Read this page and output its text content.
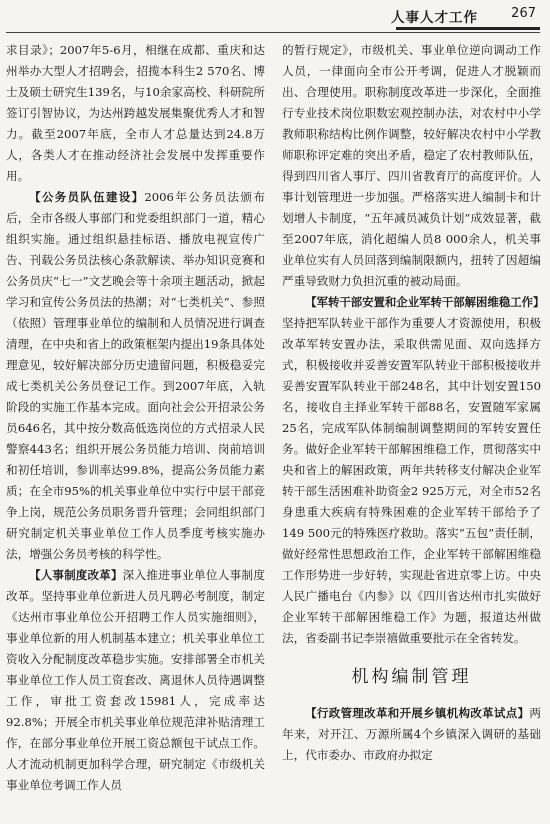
人事人才工作	267

求目录》；2007年5-6月，相继在成都、重庆和达州举办大型人才招聘会，招揽本科生2 570名、博士及硕士研究生139名，与10余家高校、科研院所签订引智协议，为达州跨越发展集聚优秀人才和智力。截至2007年底，全市人才总量达到24.8万人，各类人才在推动经济社会发展中发挥重要作用。

【公务员队伍建设】2006年公务员法颁布后，全市各级人事部门和党委组织部门一道，精心组织实施。通过组织悬挂标语、播放电视宣传广告、刊载公务员法核心条款解读、举办知识竞赛和公务员庆“七一”文艺晚会等十余项主题活动，掀起学习和宣传公务员法的热潮；对“七类机关”、参照（依照）管理事业单位的编制和人员情况进行调查清理，在中央和省上的政策框架内提出19条具体处理意见，较好解决部分历史遗留问题，积极稳妥完成七类机关公务员登记工作。到2007年底，入轨阶段的实施工作基本完成。面向社会公开招录公务员646名，其中按分数高低选岗位的方式招录人民警察443名；组织开展公务员能力培训、岗前培训和初任培训，参训率达99.8%，提高公务员能力素质；在全市95%的机关事业单位中实行中层干部竞争上岗，规范公务员职务晋升管理；会同组织部门研究制定机关事业单位工作人员季度考核实施办法，增强公务员考核的科学性。

【人事制度改革】深入推进事业单位人事制度改革。坚持事业单位新进人员凡聘必考制度，制定《达州市事业单位公开招聘工作人员实施细则》，事业单位新的用人机制基本建立；机关事业单位工资收入分配制度改革稳步实施。安排部署全市机关事业单位工作人员工资套改、离退休人员待遇调整工作，审批工资套改15981人，完成率达92.8%；开展全市机关事业单位规范津补贴清理工作，在部分事业单位开展工资总额包干试点工作。人才流动机制更加科学合理，研究制定《市级机关事业单位考调工作人员

的暂行规定》，市级机关、事业单位逆向调动工作人员，一律面向全市公开考调，促进人才脱颖而出、合理使用。职称制度改革进一步深化，全面推行专业技术岗位职数宏观控制办法，对农村中小学教师职称结构比例作调整，较好解决农村中小学教师职称评定难的突出矛盾，稳定了农村教师队伍，得到四川省人事厅、四川省教育厅的高度评价。人事计划管理进一步加强。严格落实进人编制卡和计划增人卡制度，“五年减员减负计划”成效显著，截至2007年底，消化超编人员8 000余人，机关事业单位实有人员回落到编制限额内，扭转了因超编严重导致财力负担沉重的被动局面。

【军转干部安置和企业军转干部解困维稳工作】坚持把军队转业干部作为重要人才资源使用，积极改革军转安置办法，采取供需见面、双向选择方式，积极接收并妥善安置军队转业干部积极接收并妥善安置军队转业干部248名，其中计划安置150名，接收自主择业军转干部88名，安置随军家属25名，完成军队体制编制调整期间的军转安置任务。做好企业军转干部解困维稳工作，贯彻落实中央和省上的解困政策，两年共转移支付解决企业军转干部生活困难补助资金2 925万元，对全市52名身患重大疾病有特殊困难的企业军转干部给予了149 500元的特殊医疗救助。落实“五包”责任制，做好经常性思想政治工作，企业军转干部解困维稳工作形势进一步好转，实现赴省进京零上访。中央人民广播电台《内参》以《四川省达州市扎实做好企业军转干部解困维稳工作》为题，报道达州做法，省委副书记李崇禧做重要批示在全省转发。

机构编制管理

【行政管理改革和开展乡镇机构改革试点】两年来，对开江、万源所属4个乡镇深入调研的基础上，代市委办、市政府办拟定
